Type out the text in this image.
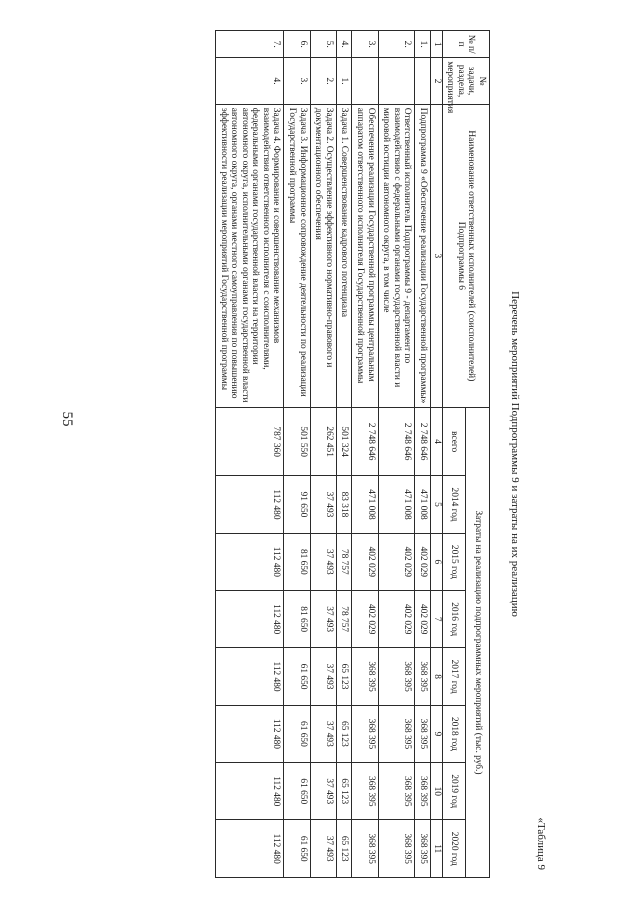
55
«Таблица 9
Перечень мероприятий Подпрограммы 9 и затраты на их реализацию
№ п/п	№ задачи, раздела, мероприятия	Наименование ответственных исполнителей (соисполнителей) Подпрограммы 6	Затраты на реализацию подпрограммных мероприятий (тыс. руб.)							
			всего	2014 год	2015 год	2016 год	2017 год	2018 год	2019 год	2020 год
1	2	3	4	5	6	7	8	9	10	11
1.		Подпрограмма 9 «Обеспечение реализации Государственной программы»	2 748 646	471 008	402 029	402 029	368 395	368 395	368 395	368 395
2.		Ответственный исполнитель Подпрограммы 9 - департамент по взаимодействию с федеральными органами государственной власти и мировой юстиции автономного округа, в том числе	2 748 646	471 008	402 029	402 029	368 395	368 395	368 395	368 395
3.		Обеспечение реализации Государственной программы центральным аппаратом ответственного исполнителя Государственной программы	2 748 646	471 008	402 029	402 029	368 395	368 395	368 395	368 395
4.	1.	Задача 1. Совершенствование кадрового потенциала	501 324	83 318	78 757	78 757	65 123	65 123	65 123	65 123
5.	2.	Задача 2. Осуществление эффективного нормативно-правового и документационного обеспечения	262 451	37 493	37 493	37 493	37 493	37 493	37 493	37 493
6.	3.	Задача 3. Информационное сопровождение деятельности по реализации Государственной программы	501 550	91 650	81 650	81 650	61 650	61 650	61 650	61 650
7.	4.	Задача 4. Формирование и совершенствование механизмов взаимодействия ответственного исполнителя с соисполнителями, федеральными органами государственной власти на территории автономного округа, исполнительными органами государственной власти автономного округа, органами местного самоуправления по повышению эффективности реализации мероприятий Государственной программы	787 360	112 480	112 480	112 480	112 480	112 480	112 480	112 480
